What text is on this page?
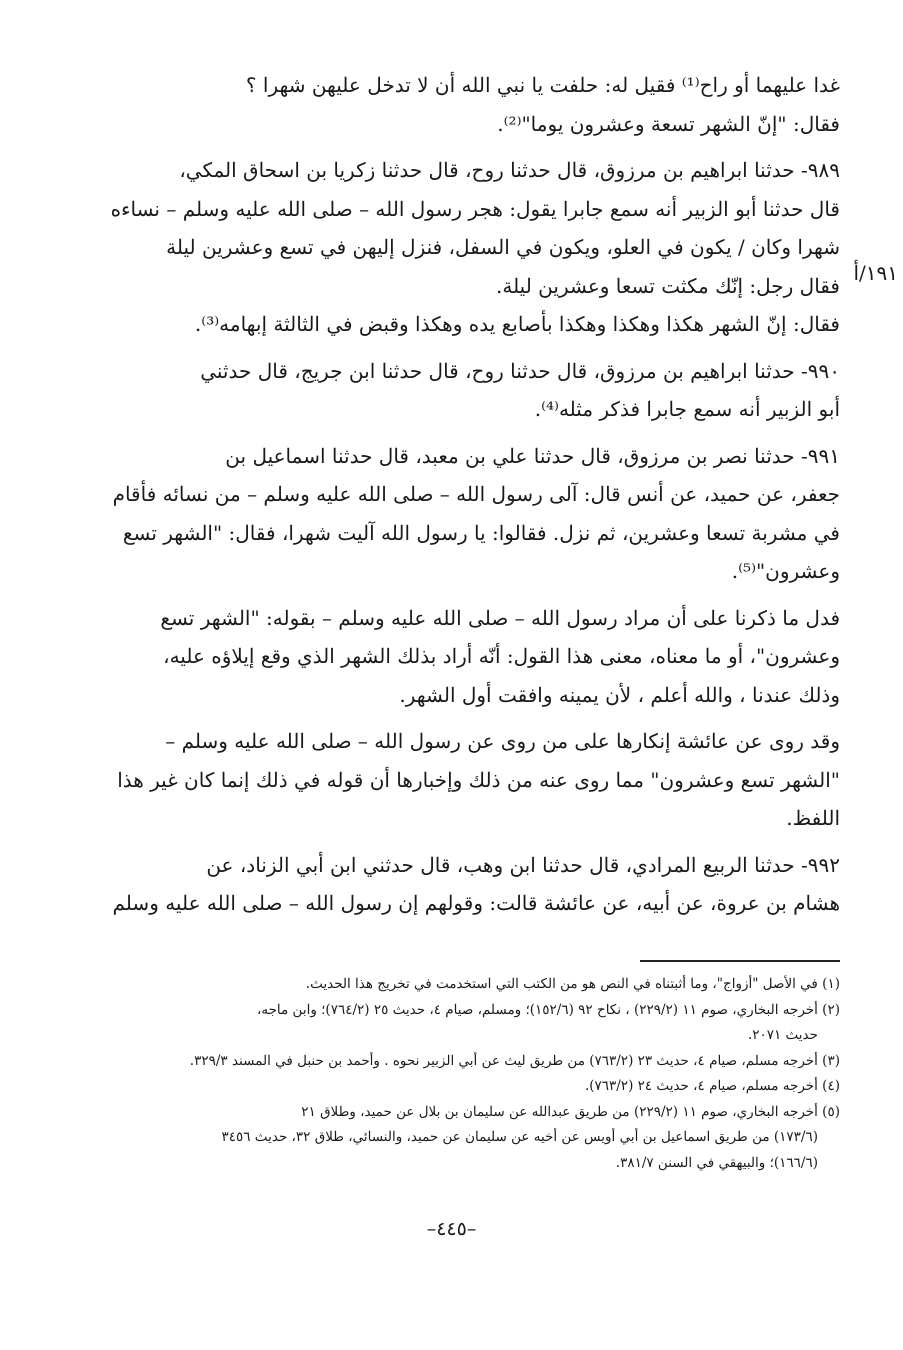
١٩١/أ
غدا عليهما أو راح⁽¹⁾ فقيل له: حلفت يا نبي الله أن لا تدخل عليهن شهرا ؟
فقال: "إنّ الشهر تسعة وعشرون يوما"⁽²⁾.
٩٨٩- حدثنا ابراهيم بن مرزوق، قال حدثنا روح، قال حدثنا زكريا بن اسحاق المكي،
قال حدثنا أبو الزبير أنه سمع جابرا يقول: هجر رسول الله – صلى الله عليه وسلم – نساءه
شهرا وكان / يكون في العلو، ويكون في السفل، فنزل إليهن في تسع وعشرين ليلة
فقال رجل: إنّك مكثت تسعا وعشرين ليلة.
فقال: إنّ الشهر هكذا وهكذا وهكذا بأصابع يده وهكذا وقبض في الثالثة إبهامه⁽³⁾.
٩٩٠- حدثنا ابراهيم بن مرزوق، قال حدثنا روح، قال حدثنا ابن جريج، قال حدثني
أبو الزبير أنه سمع جابرا فذكر مثله⁽⁴⁾.
٩٩١- حدثنا نصر بن مرزوق، قال حدثنا علي بن معبد، قال حدثنا اسماعيل بن
جعفر، عن حميد، عن أنس قال: آلى رسول الله – صلى الله عليه وسلم – من نسائه فأقام
في مشربة تسعا وعشرين، ثم نزل. فقالوا: يا رسول الله آليت شهرا، فقال: "الشهر تسع
وعشرون"⁽⁵⁾.
فدل ما ذكرنا على أن مراد رسول الله – صلى الله عليه وسلم – بقوله: "الشهر تسع
وعشرون"، أو ما معناه، معنى هذا القول: أنّه أراد بذلك الشهر الذي وقع إيلاؤه عليه،
وذلك عندنا ، والله أعلم ، لأن يمينه وافقت أول الشهر.
وقد روى عن عائشة إنكارها على من روى عن رسول الله – صلى الله عليه وسلم –
"الشهر تسع وعشرون" مما روى عنه من ذلك وإخبارها أن قوله في ذلك إنما كان غير هذا
اللفظ.
٩٩٢- حدثنا الربيع المرادي، قال حدثنا ابن وهب، قال حدثني ابن أبي الزناد، عن
هشام بن عروة، عن أبيه، عن عائشة قالت: وقولهم إن رسول الله – صلى الله عليه وسلم
(١) في الأصل "أزواج"، وما أثبتناه في النص هو من الكتب التي استخدمت في تخريج هذا الحديث.
(٢) أخرجه البخاري، صوم ١١ (٢٢٩/٢) ، نكاح ٩٢ (١٥٢/٦)؛ ومسلم، صيام ٤، حديث ٢٥ (٧٦٤/٢)؛ وابن ماجه،
حديث ٢٠٧١.
(٣) أخرجه مسلم، صيام ٤، حديث ٢٣ (٧٦٣/٢) من طريق ليث عن أبي الزبير نحوه . وأحمد بن حنبل في المسند ٣٢٩/٣.
(٤) أخرجه مسلم، صيام ٤، حديث ٢٤ (٧٦٣/٢).
(٥) أخرجه البخاري، صوم ١١ (٢٢٩/٢) من طريق عبدالله عن سليمان بن بلال عن حميد، وطلاق ٢١
(١٧٣/٦) من طريق اسماعيل بن أبي أويس عن أخيه عن سليمان عن حميد، والنسائي، طلاق ٣٢، حديث ٣٤٥٦
(١٦٦/٦)؛ والبيهقي في السنن ٣٨١/٧.
–٤٤٥–
